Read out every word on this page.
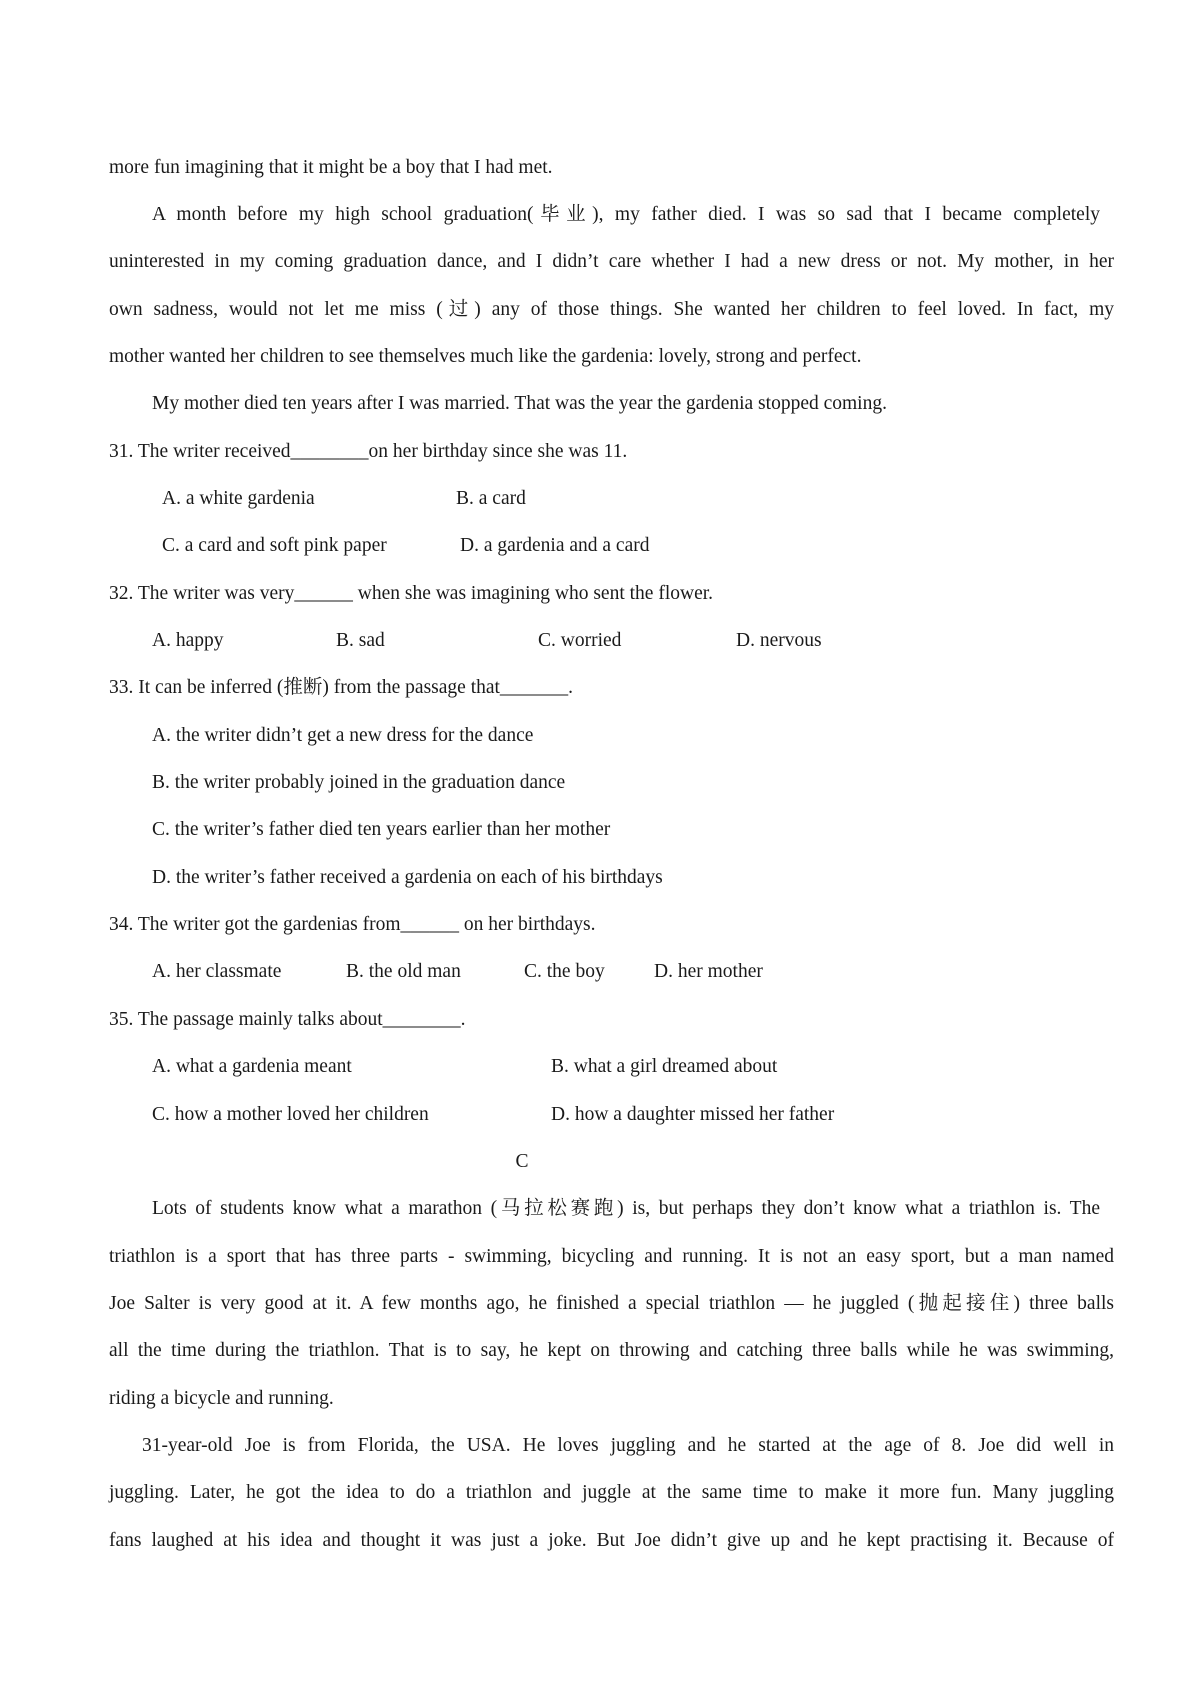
more fun imagining that it might be a boy that I had met.
A month before my high school graduation(毕业), my father died. I was so sad that I became completely
uninterested in my coming graduation dance, and I didn’t care whether I had a new dress or not. My mother, in her
own sadness, would not let me miss (过) any of those things. She wanted her children to feel loved. In fact, my
mother wanted her children to see themselves much like the gardenia: lovely, strong and perfect.
My mother died ten years after I was married. That was the year the gardenia stopped coming.
31. The writer received________on her birthday since she was 11.
A. a white gardenia	B. a card
C. a card and soft pink paper	D. a gardenia and a card
32. The writer was very______ when she was imagining who sent the flower.
A. happy	B. sad	C. worried	D. nervous
33. It can be inferred (推断) from the passage that_______.
A. the writer didn’t get a new dress for the dance
B. the writer probably joined in the graduation dance
C. the writer’s father died ten years earlier than her mother
D. the writer’s father received a gardenia on each of his birthdays
34. The writer got the gardenias from______ on her birthdays.
A. her classmate	B. the old man	C. the boy	D. her mother
35. The passage mainly talks about________.
A. what a gardenia meant	B. what a girl dreamed about
C. how a mother loved her children	D. how a daughter missed her father
C
Lots of students know what a marathon (马拉松赛跑) is, but perhaps they don’t know what a triathlon is. The
triathlon is a sport that has three parts - swimming, bicycling and running. It is not an easy sport, but a man named
Joe Salter is very good at it. A few months ago, he finished a special triathlon — he juggled (抛起接住) three balls
all the time during the triathlon. That is to say, he kept on throwing and catching three balls while he was swimming,
riding a bicycle and running.
31-year-old Joe is from Florida, the USA. He loves juggling and he started at the age of 8. Joe did well in
juggling. Later, he got the idea to do a triathlon and juggle at the same time to make it more fun. Many juggling
fans laughed at his idea and thought it was just a joke. But Joe didn’t give up and he kept practising it. Because of
